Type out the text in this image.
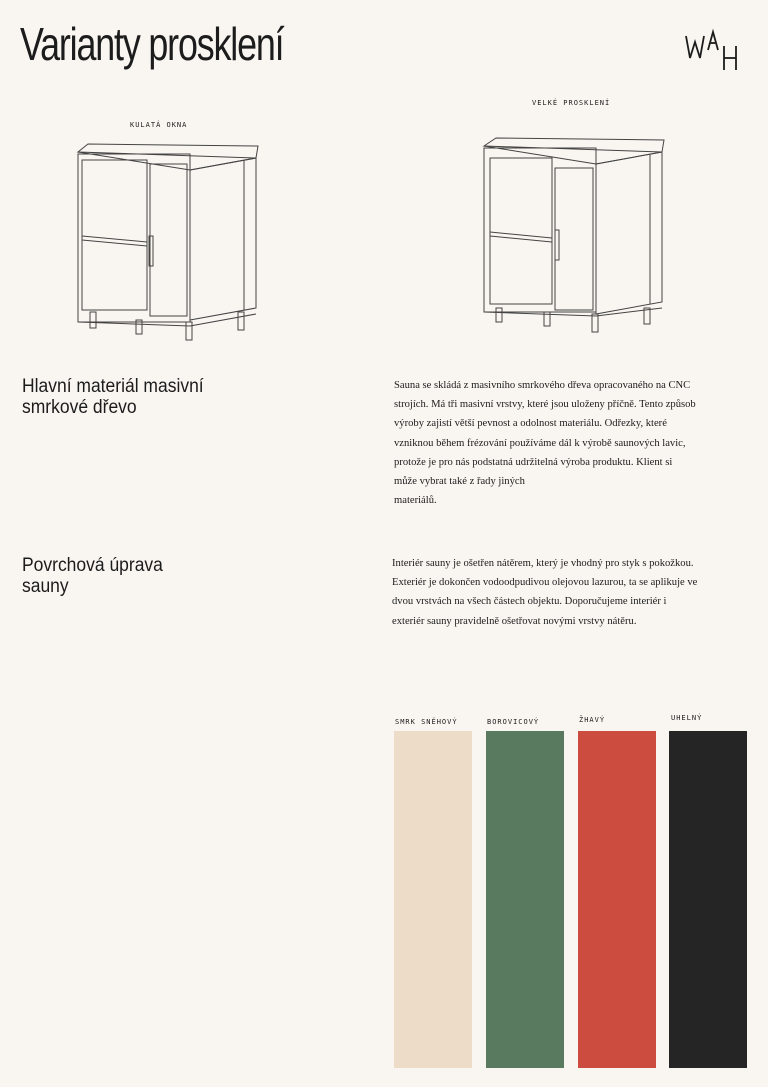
Varianty prosklení
KULATÁ OKNA
VELKÉ PROSKLENÍ
Hlavní materiál masivní smrkové dřevo
Sauna se skládá z masivního smrkového dřeva opracovaného na CNC
strojích. Má tři masivní vrstvy, které jsou uloženy příčně. Tento způsob
výroby zajistí větší pevnost a odolnost materiálu. Odřezky, které
vzniknou během frézování používáme dál k výrobě saunových lavic,
protože je pro nás podstatná udržitelná výroba produktu. Klient si
může vybrat také z řady jiných
materiálů.
Povrchová úprava sauny
Interiér sauny je ošetřen nátěrem, který je vhodný pro styk s pokožkou.
Exteriér je dokončen vodoodpudivou olejovou lazurou, ta se aplikuje ve
dvou vrstvách na všech částech objektu. Doporučujeme interiér i
exteriér sauny pravidelně ošetřovat novými vrstvy nátěru.
SMRK SNĚHOVÝ	BOROVICOVÝ	ŽHAVÝ	UHELNÝ
